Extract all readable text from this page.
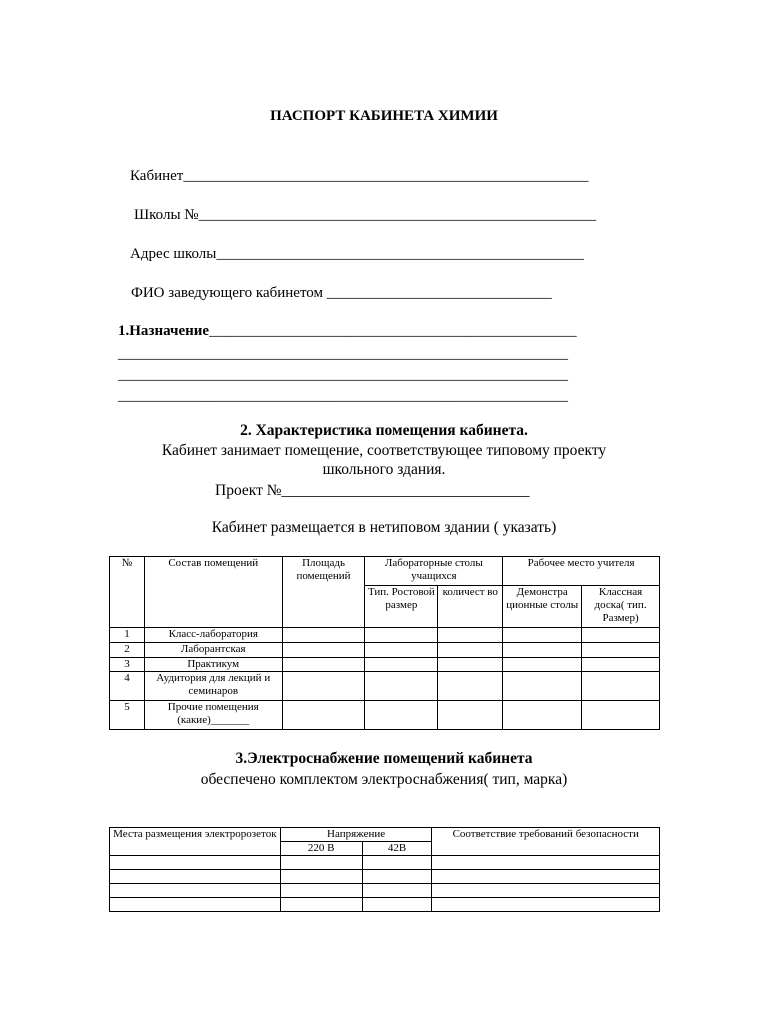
ПАСПОРТ КАБИНЕТА ХИМИИ
Кабинет______________________________________________________
Школы №_____________________________________________________
Адрес школы_________________________________________________
ФИО заведующего кабинетом ______________________________
1.Назначение_________________________________________________
____________________________________________________________
____________________________________________________________
____________________________________________________________
2. Характеристика помещения кабинета.
Кабинет занимает помещение, соответствующее типовому проекту
школьного здания.
Проект №________________________________
Кабинет размещается в нетиповом здании ( указать)
№	Состав помещений	Площадь помещений	Лабораторные столы учащихся		Рабочее место учителя	
			Тип. Ростовой размер	количест во	Демонстра ционные столы	Классная доска( тип. Размер)
1	Класс-лаборатория					
2	Лаборантская					
3	Практикум					
4	Аудитория для лекций и семинаров					
5	Прочие помещения (какие)_______					
3.Электроснабжение помещений кабинета
обеспечено комплектом электроснабжения( тип, марка)
Места размещения электророзеток	Напряжение		Соответствие требований безопасности
	220 В	42В	
